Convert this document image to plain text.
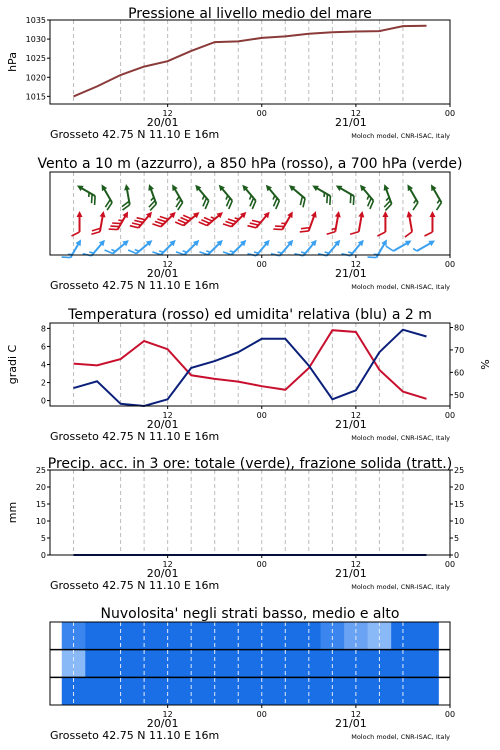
Pressione al livello medio del mare
1015
1020
1025
1030
1035
hPa
12	00	12	00
20/01	21/01
Grosseto 42.75 N 11.10 E 16m	Moloch model, CNR-ISAC, Italy
Vento a 10 m (azzurro), a 850 hPa (rosso), a 700 hPa (verde)
12	00	12	00
20/01	21/01
Grosseto 42.75 N 11.10 E 16m	Moloch model, CNR-ISAC, Italy
Temperatura (rosso) ed umidita' relativa (blu) a 2 m
0
2
4
6
8
gradi C
50
60
70
80
%
12	00	12	00
20/01	21/01
Grosseto 42.75 N 11.10 E 16m	Moloch model, CNR-ISAC, Italy
Precip. acc. in 3 ore: totale (verde), frazione solida (tratt.)
0	0
5	5
10	10
15	15
20	20
25	25
mm
12	00	12	00
20/01	21/01
Grosseto 42.75 N 11.10 E 16m	Moloch model, CNR-ISAC, Italy
Nuvolosita' negli strati basso, medio e alto
12	00	12	00
20/01	21/01
Grosseto 42.75 N 11.10 E 16m	Moloch model, CNR-ISAC, Italy
